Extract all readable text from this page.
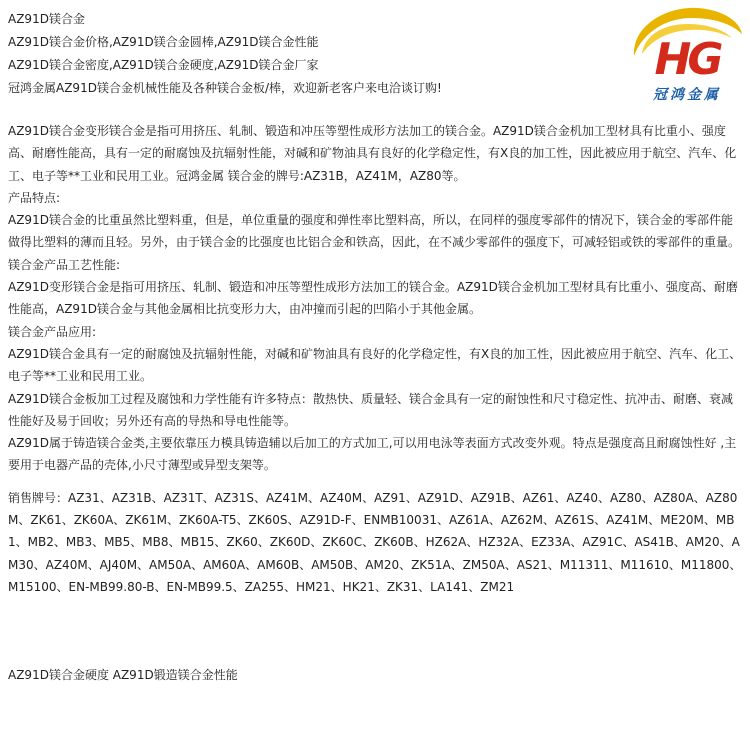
AZ91D镁合金
AZ91D镁合金价格,AZ91D镁合金圆棒,AZ91D镁合金性能
AZ91D镁合金密度,AZ91D镁合金硬度,AZ91D镁合金厂家
冠鸿金属AZ91D镁合金机械性能及各种镁合金板/棒，欢迎新老客户来电洽谈订购!
HG
冠鸿金属

AZ91D镁合金变形镁合金是指可用挤压、轧制、锻造和冲压等塑性成形方法加工的镁合金。AZ91D镁合金机加工型材具有比重小、强度高、耐磨性能高，具有一定的耐腐蚀及抗辐射性能，对碱和矿物油具有良好的化学稳定性，有X良的加工性，因此被应用于航空、汽车、化工、电子等**工业和民用工业。冠鸿金属 镁合金的牌号:AZ31B，AZ41M，AZ80等。

产品特点:

AZ91D镁合金的比重虽然比塑料重，但是，单位重量的强度和弹性率比塑料高，所以，在同样的强度零部件的情况下，镁合金的零部件能做得比塑料的薄而且轻。另外，由于镁合金的比强度也比铝合金和铁高，因此，在不减少零部件的强度下，可减轻铝或铁的零部件的重量。

镁合金产品工艺性能:

AZ91D变形镁合金是指可用挤压、轧制、锻造和冲压等塑性成形方法加工的镁合金。AZ91D镁合金机加工型材具有比重小、强度高、耐磨性能高，AZ91D镁合金与其他金属相比抗变形力大，由冲撞而引起的凹陷小于其他金属。

镁合金产品应用:

AZ91D镁合金具有一定的耐腐蚀及抗辐射性能，对碱和矿物油具有良好的化学稳定性，有X良的加工性，因此被应用于航空、汽车、化工、电子等**工业和民用工业。

AZ91D镁合金板加工过程及腐蚀和力学性能有许多特点：散热快、质量轻、镁合金具有一定的耐蚀性和尺寸稳定性、抗冲击、耐磨、衰减性能好及易于回收；另外还有高的导热和导电性能等。

AZ91D属于铸造镁合金类,主要依靠压力模具铸造辅以后加工的方式加工,可以用电泳等表面方式改变外观。特点是强度高且耐腐蚀性好 ,主要用于电器产品的壳体,小尺寸薄型或异型支架等。

销售牌号：AZ31、AZ31B、AZ31T、AZ31S、AZ41M、AZ40M、AZ91、AZ91D、AZ91B、AZ61、AZ40、AZ80、AZ80A、AZ80M、ZK61、ZK60A、ZK61M、ZK60A-T5、ZK60S、AZ91D-F、ENMB10031、AZ61A、AZ62M、AZ61S、AZ41M、ME20M、MB1、MB2、MB3、MB5、MB8、MB15、ZK60、ZK60D、ZK60C、ZK60B、HZ62A、HZ32A、EZ33A、AZ91C、AS41B、AM20、AM30、AZ40M、AJ40M、AM50A、AM60A、AM60B、AM50B、AM20、ZK51A、ZM50A、AS21、M11311、M11610、M11800、M15100、EN-MB99.80-B、EN-MB99.5、ZA255、HM21、HK21、ZK31、LA141、ZM21

AZ91D镁合金硬度 AZ91D锻造镁合金性能
